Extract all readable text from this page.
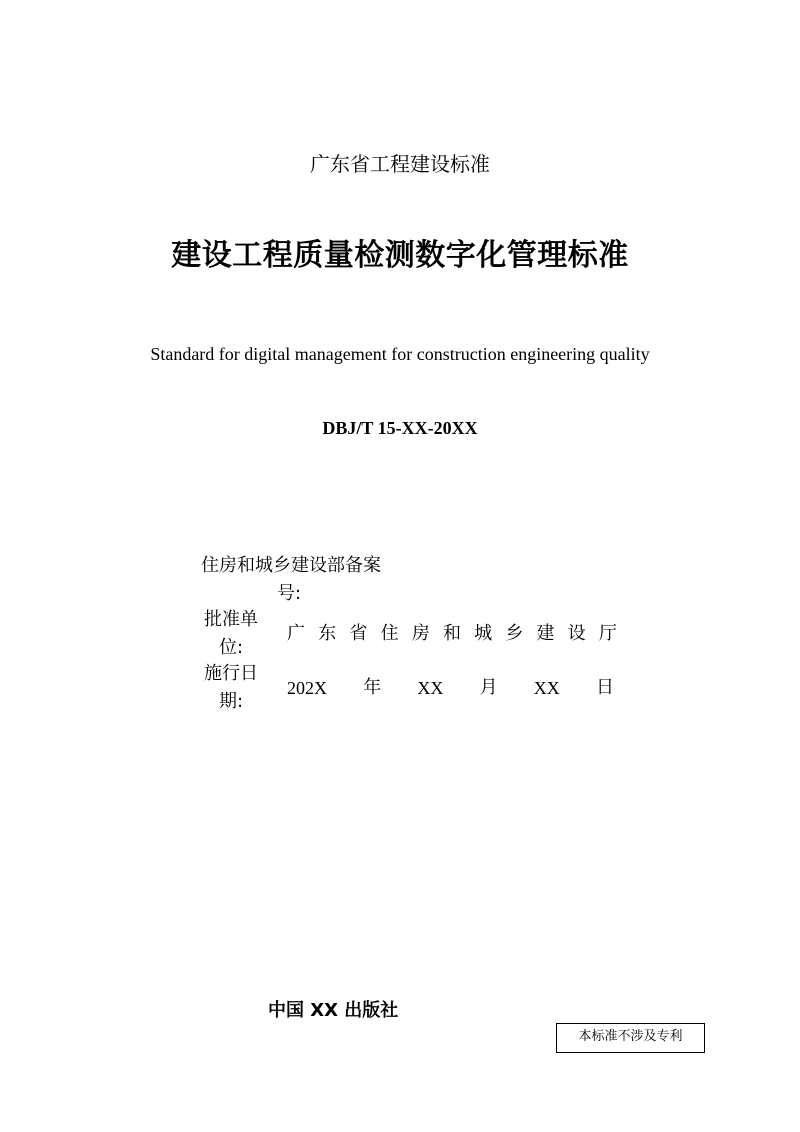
广东省工程建设标准
建设工程质量检测数字化管理标准
Standard for digital management for construction engineering quality
DBJ/T 15-XX-20XX
住房和城乡建设部备案
号:
批准单
位:
广 东 省 住 房 和 城 乡 建 设 厅
施行日
期:
202X 年 XX 月 XX 日
中国 XX 出版社
本标准不涉及专利
